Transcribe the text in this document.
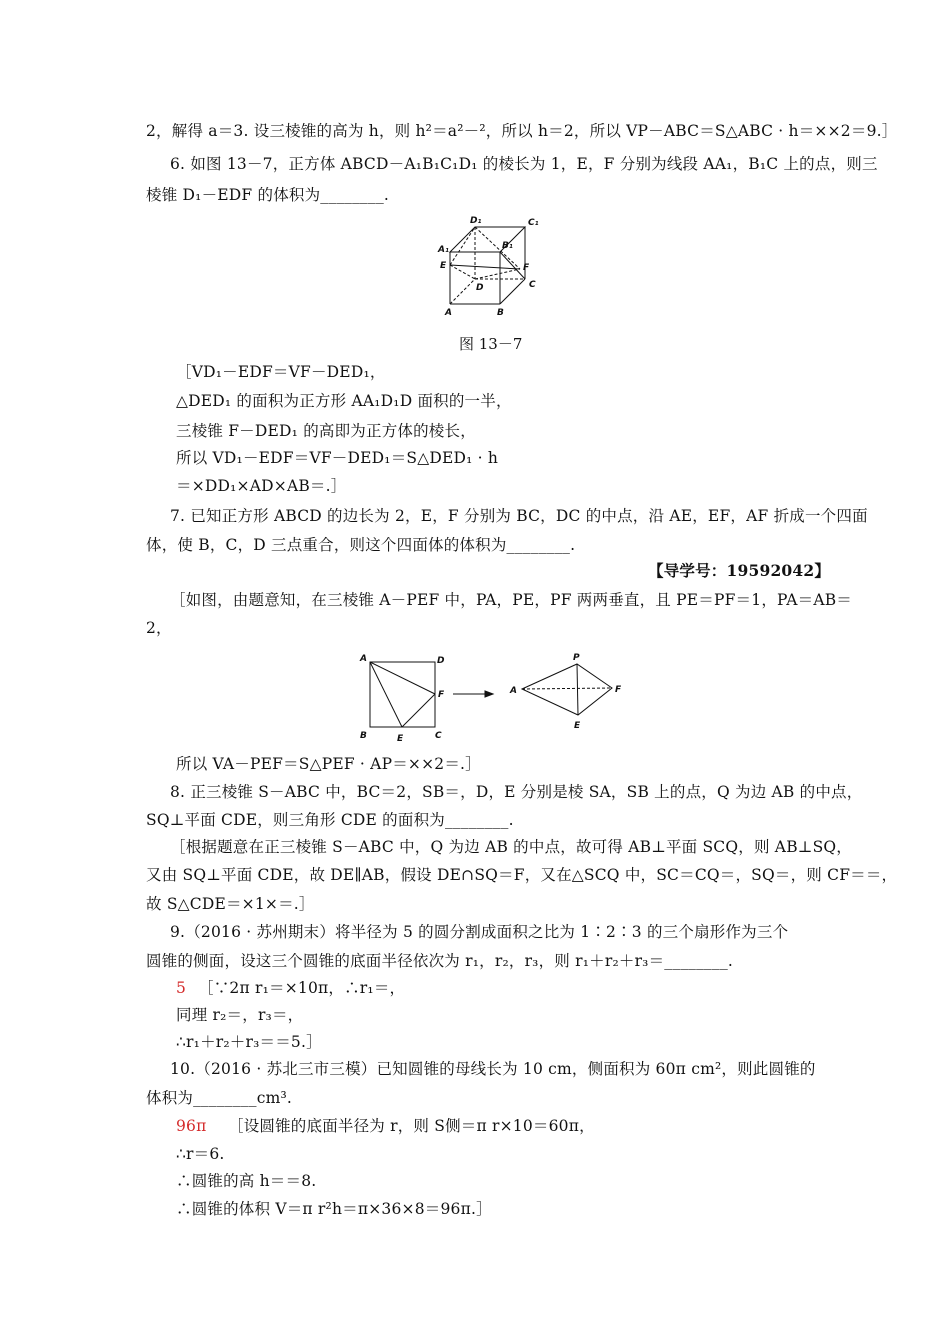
2，解得 a＝3. 设三棱锥的高为 h，则 h²＝a²－²，所以 h＝2，所以 VP－ABC＝S△ABC · h＝××2＝9.］
6. 如图 13－7，正方体 ABCD－A₁B₁C₁D₁ 的棱长为 1，E，F 分别为线段 AA₁，B₁C 上的点，则三
棱锥 D₁－EDF 的体积为________.
D₁	C₁
A₁	B₁
E	F
D	C
A	B
图 13－7
［VD₁－EDF＝VF－DED₁，
△DED₁ 的面积为正方形 AA₁D₁D 面积的一半，
三棱锥 F－DED₁ 的高即为正方体的棱长，
所以 VD₁－EDF＝VF－DED₁＝S△DED₁ · h
＝×DD₁×AD×AB＝.］
7. 已知正方形 ABCD 的边长为 2，E，F 分别为 BC，DC 的中点，沿 AE，EF，AF 折成一个四面
体，使 B，C，D 三点重合，则这个四面体的体积为________.
【导学号：19592042】
［如图，由题意知，在三棱锥 A－PEF 中，PA，PE，PF 两两垂直，且 PE＝PF＝1，PA＝AB＝
2，
A	D
F
B	E	C
P
A	F
E
所以 VA－PEF＝S△PEF · AP＝××2＝.］
8. 正三棱锥 S－ABC 中，BC＝2，SB＝，D，E 分别是棱 SA，SB 上的点，Q 为边 AB 的中点，
SQ⊥平面 CDE，则三角形 CDE 的面积为________.
［根据题意在正三棱锥 S－ABC 中，Q 为边 AB 的中点，故可得 AB⊥平面 SCQ，则 AB⊥SQ，
又由 SQ⊥平面 CDE，故 DE∥AB，假设 DE∩SQ＝F，又在△SCQ 中，SC＝CQ＝，SQ＝，则 CF＝＝，
故 S△CDE＝×1×＝.］
9.（2016 · 苏州期末）将半径为 5 的圆分割成面积之比为 1∶2∶3 的三个扇形作为三个
圆锥的侧面，设这三个圆锥的底面半径依次为 r₁，r₂，r₃，则 r₁＋r₂＋r₃＝________.
5 ［∵2π r₁＝×10π，∴r₁＝，
同理 r₂＝，r₃＝，
∴r₁＋r₂＋r₃＝＝5.］
10.（2016 · 苏北三市三模）已知圆锥的母线长为 10 cm，侧面积为 60π cm²，则此圆锥的
体积为________cm³.
96π ［设圆锥的底面半径为 r，则 S侧＝π r×10＝60π，
∴r＝6.
∴圆锥的高 h＝＝8.
∴圆锥的体积 V＝π r²h＝π×36×8＝96π.］
